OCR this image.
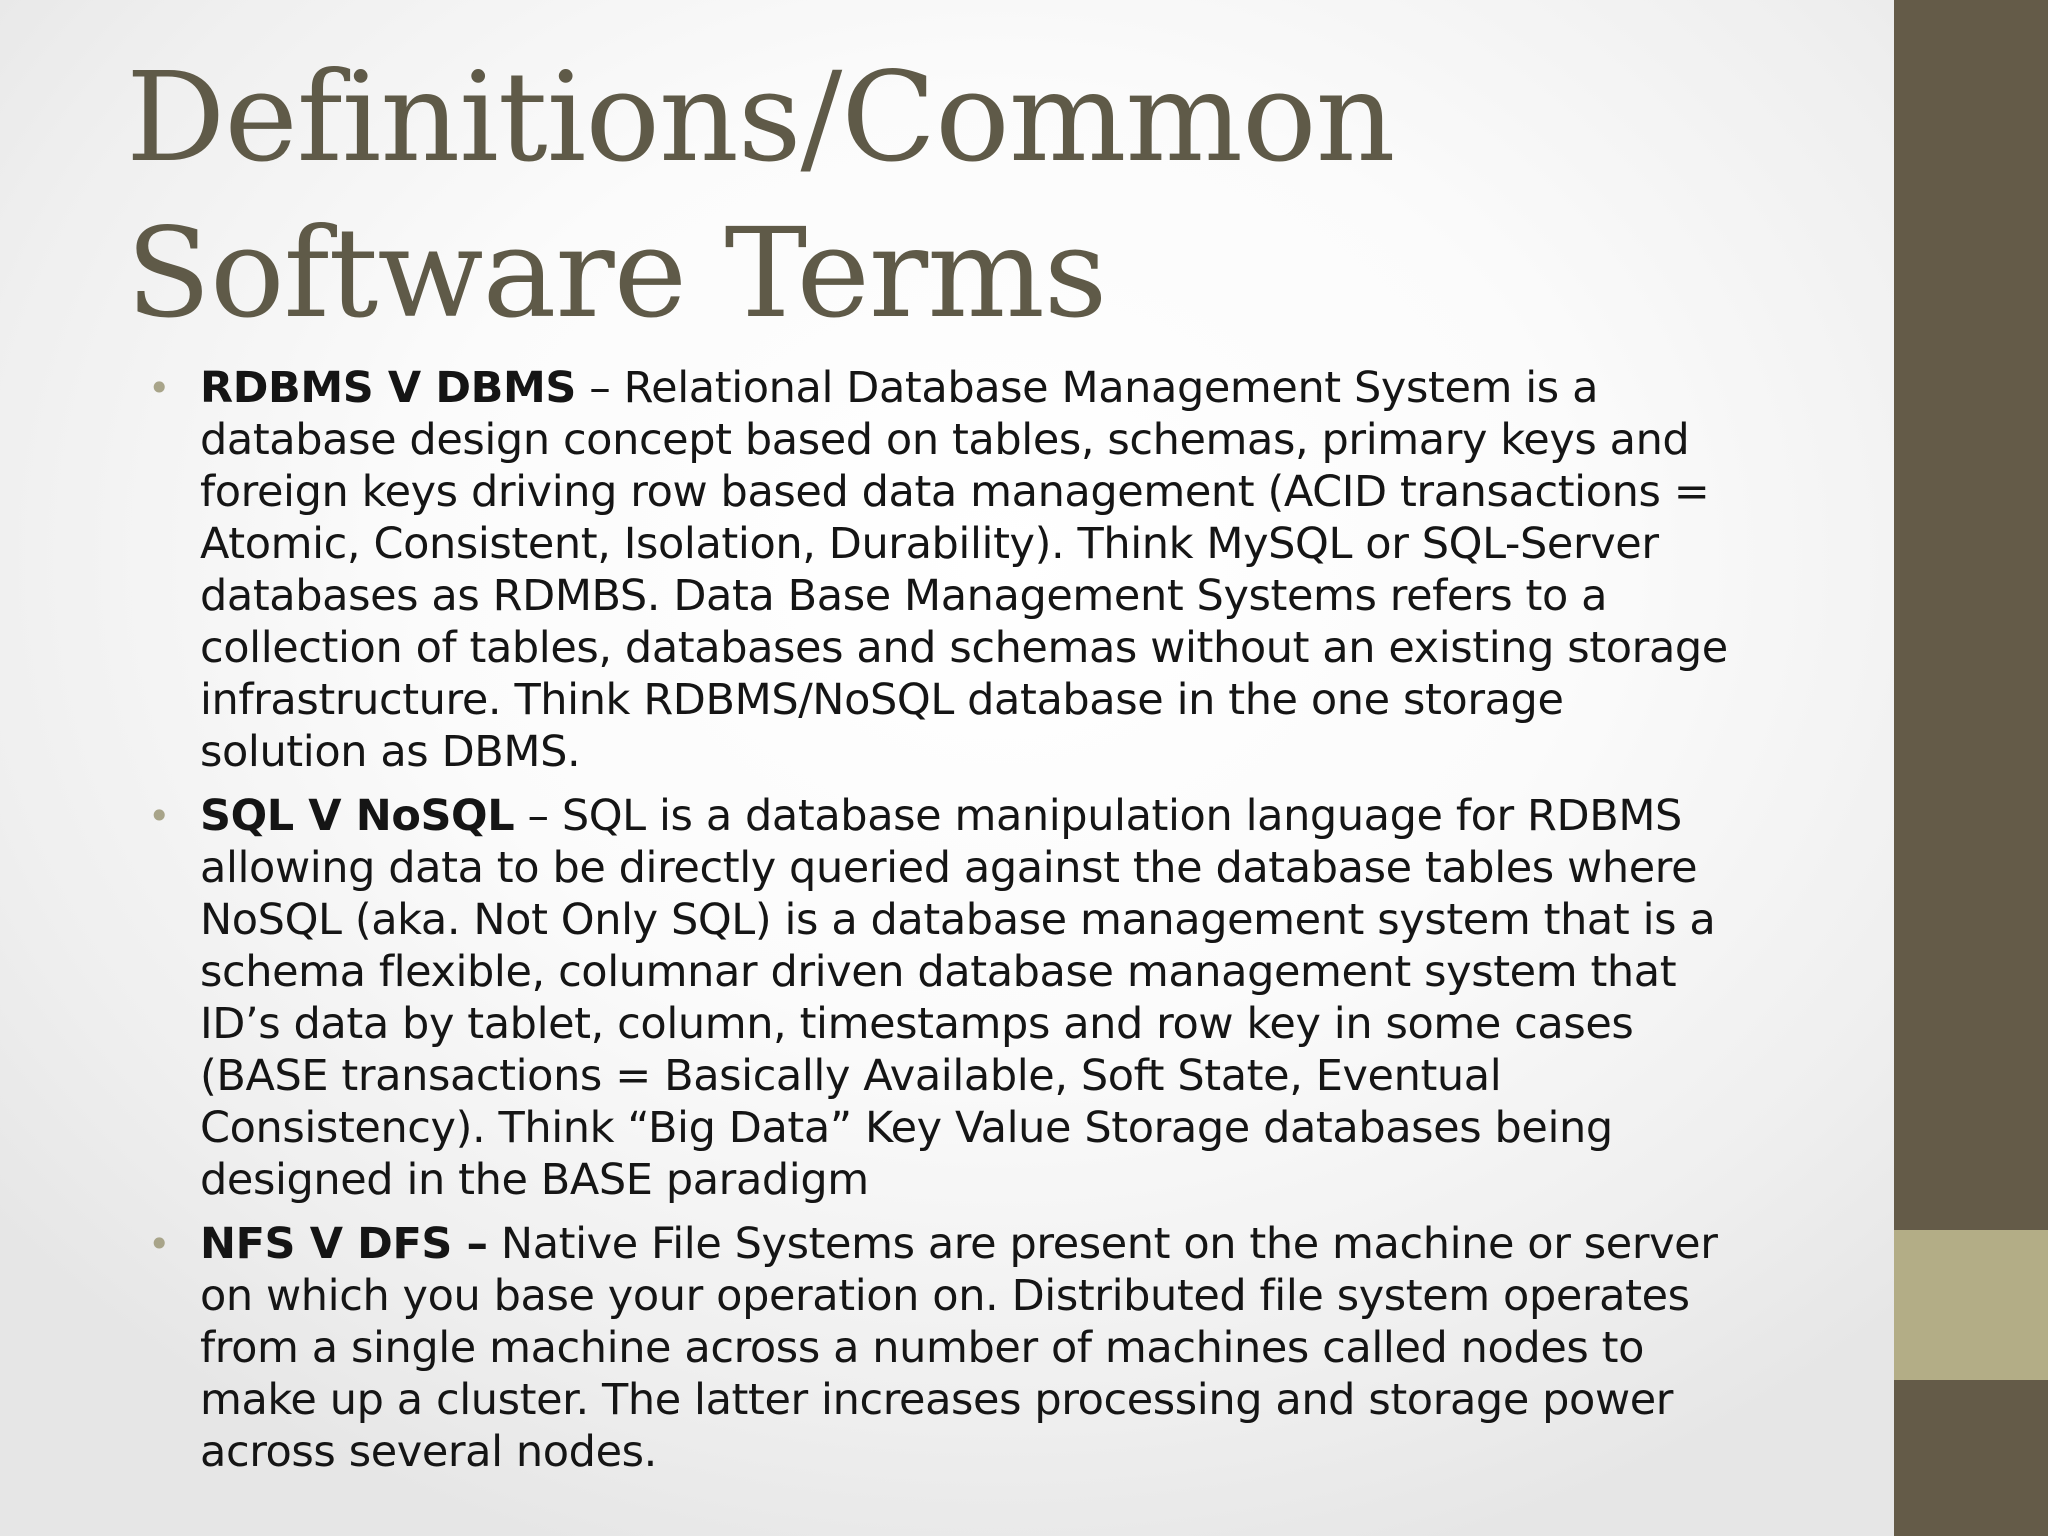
Definitions/Common
Software Terms
• RDBMS V DBMS – Relational Database Management System is a
database design concept based on tables, schemas, primary keys and
foreign keys driving row based data management (ACID transactions =
Atomic, Consistent, Isolation, Durability). Think MySQL or SQL-Server
databases as RDMBS. Data Base Management Systems refers to a
collection of tables, databases and schemas without an existing storage
infrastructure. Think RDBMS/NoSQL database in the one storage
solution as DBMS.
• SQL V NoSQL – SQL is a database manipulation language for RDBMS
allowing data to be directly queried against the database tables where
NoSQL (aka. Not Only SQL) is a database management system that is a
schema flexible, columnar driven database management system that
ID’s data by tablet, column, timestamps and row key in some cases
(BASE transactions = Basically Available, Soft State, Eventual
Consistency). Think “Big Data” Key Value Storage databases being
designed in the BASE paradigm
• NFS V DFS – Native File Systems are present on the machine or server
on which you base your operation on. Distributed file system operates
from a single machine across a number of machines called nodes to
make up a cluster. The latter increases processing and storage power
across several nodes.
